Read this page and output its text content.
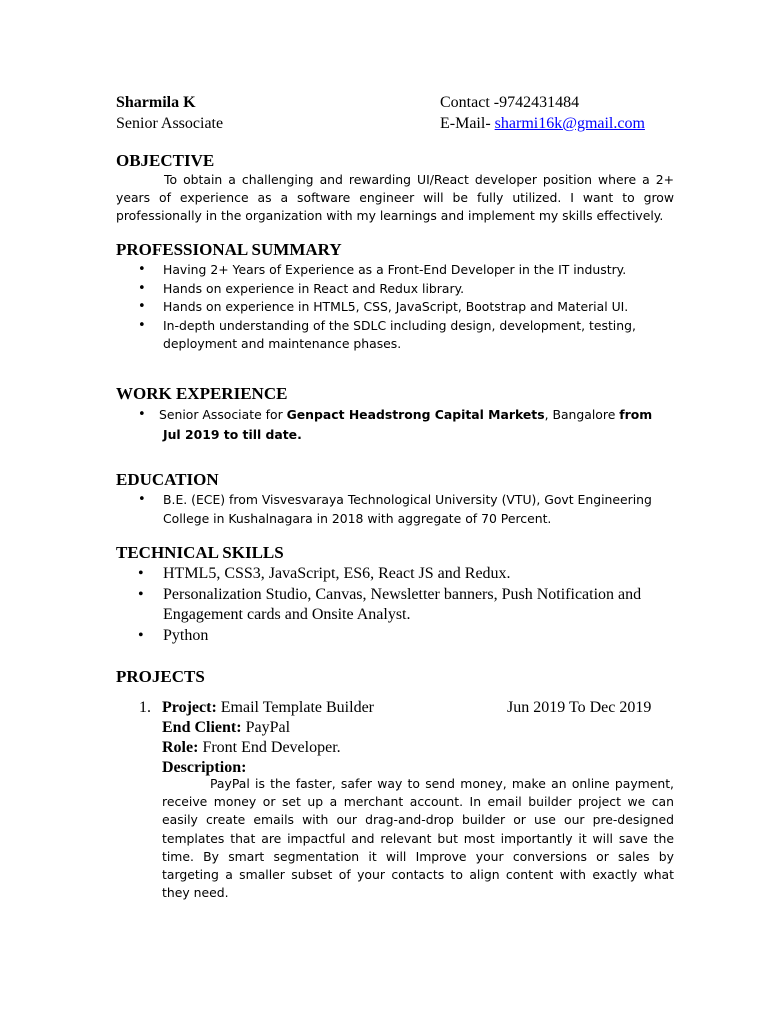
Sharmila K
Senior Associate
Contact -9742431484
E-Mail- sharmi16k@gmail.com
OBJECTIVE
To obtain a challenging and rewarding UI/React developer position where a 2+ years of experience as a software engineer will be fully utilized. I want to grow professionally in the organization with my learnings and implement my skills effectively.
PROFESSIONAL SUMMARY
• Having 2+ Years of Experience as a Front-End Developer in the IT industry.
• Hands on experience in React and Redux library.
• Hands on experience in HTML5, CSS, JavaScript, Bootstrap and Material UI.
• In-depth understanding of the SDLC including design, development, testing, deployment and maintenance phases.
WORK EXPERIENCE
• Senior Associate for Genpact Headstrong Capital Markets, Bangalore from Jul 2019 to till date.
EDUCATION
• B.E. (ECE) from Visvesvaraya Technological University (VTU), Govt Engineering College in Kushalnagara in 2018 with aggregate of 70 Percent.
TECHNICAL SKILLS
• HTML5, CSS3, JavaScript, ES6, React JS and Redux.
• Personalization Studio, Canvas, Newsletter banners, Push Notification and Engagement cards and Onsite Analyst.
• Python
PROJECTS
1. Project: Email Template Builder	Jun 2019 To Dec 2019
End Client: PayPal
Role: Front End Developer.
Description:
PayPal is the faster, safer way to send money, make an online payment, receive money or set up a merchant account. In email builder project we can easily create emails with our drag-and-drop builder or use our pre-designed templates that are impactful and relevant but most importantly it will save the time. By smart segmentation it will Improve your conversions or sales by targeting a smaller subset of your contacts to align content with exactly what they need.
